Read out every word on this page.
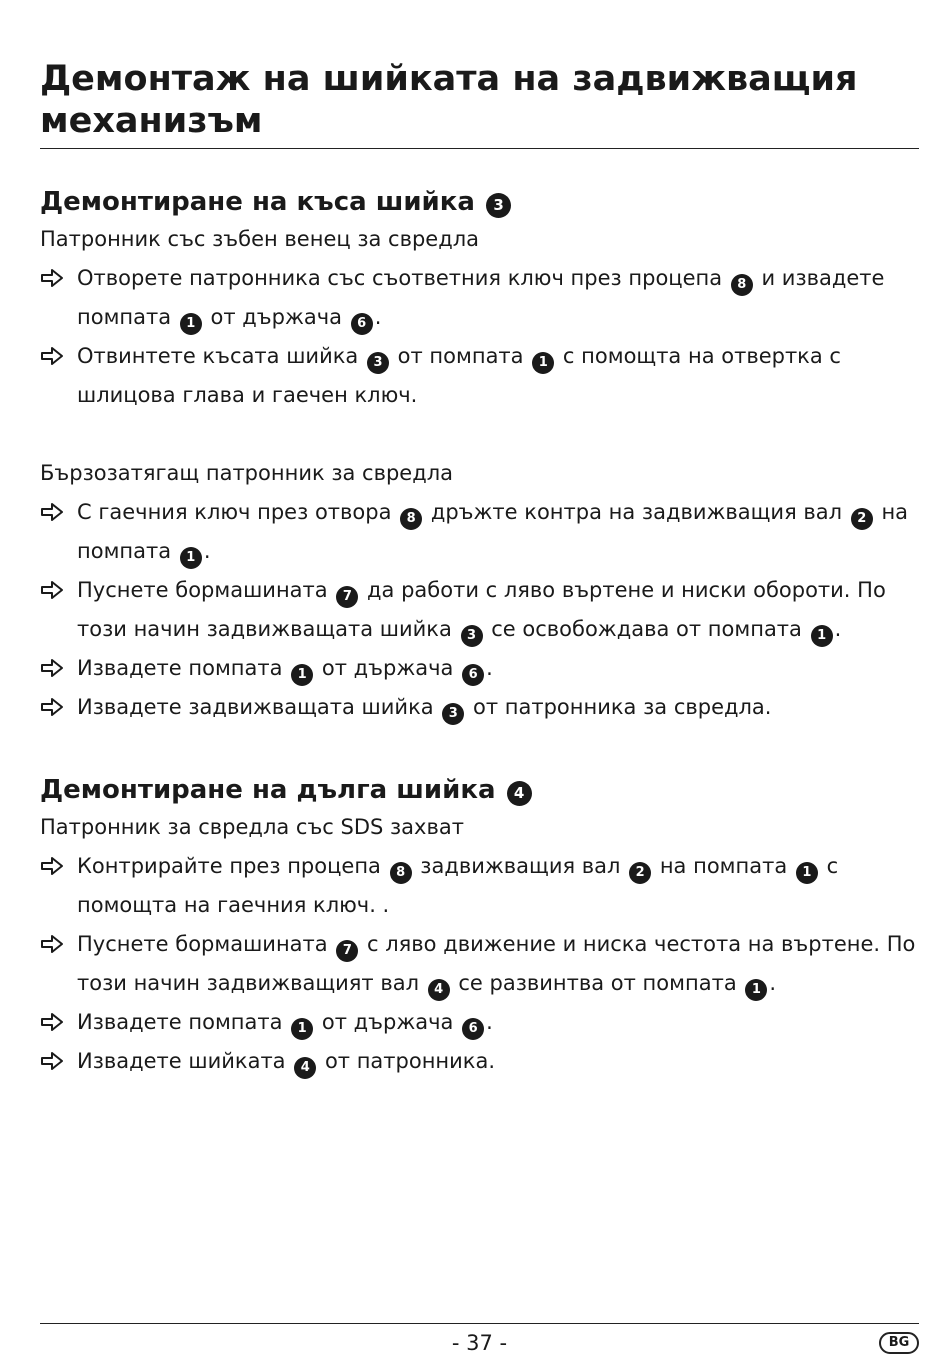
Демонтаж на шийката на задвижващия механизъм
Демонтиране на къса шийка 3

Патронник със зъбен венец за свредла

Отворете патронника със съответния ключ през процепа 8 и извадете помпата 1 от държача 6 .
Отвинтете късата шийка 3 от помпата 1 с помощта на отвертка с шлицова глава и гаечен ключ.

Бързозатягащ патронник за свредла

С гаечния ключ през отвора 8 дръжте контра на задвижващия вал 2 на помпата 1 .
Пуснете бормашината 7 да работи с ляво въртене и ниски обороти. По този начин задвижващата шийка 3 се освобождава от помпата 1 .
Извадете помпата 1 от държача 6 .
Извадете задвижващата шийка 3 от патронника за свредла.
Демонтиране на дълга шийка 4

Патронник за свредла със SDS захват

Контрирайте през процепа 8 задвижващия вал 2 на помпата 1 с помощта на гаечния ключ. .
Пуснете бормашината 7 с ляво движение и ниска честота на въртене. По този начин задвижващият вал 4 се развинтва от помпата 1 .
Извадете помпата 1 от държача 6 .
Извадете шийката 4 от патронника.
- 37 -	BG
